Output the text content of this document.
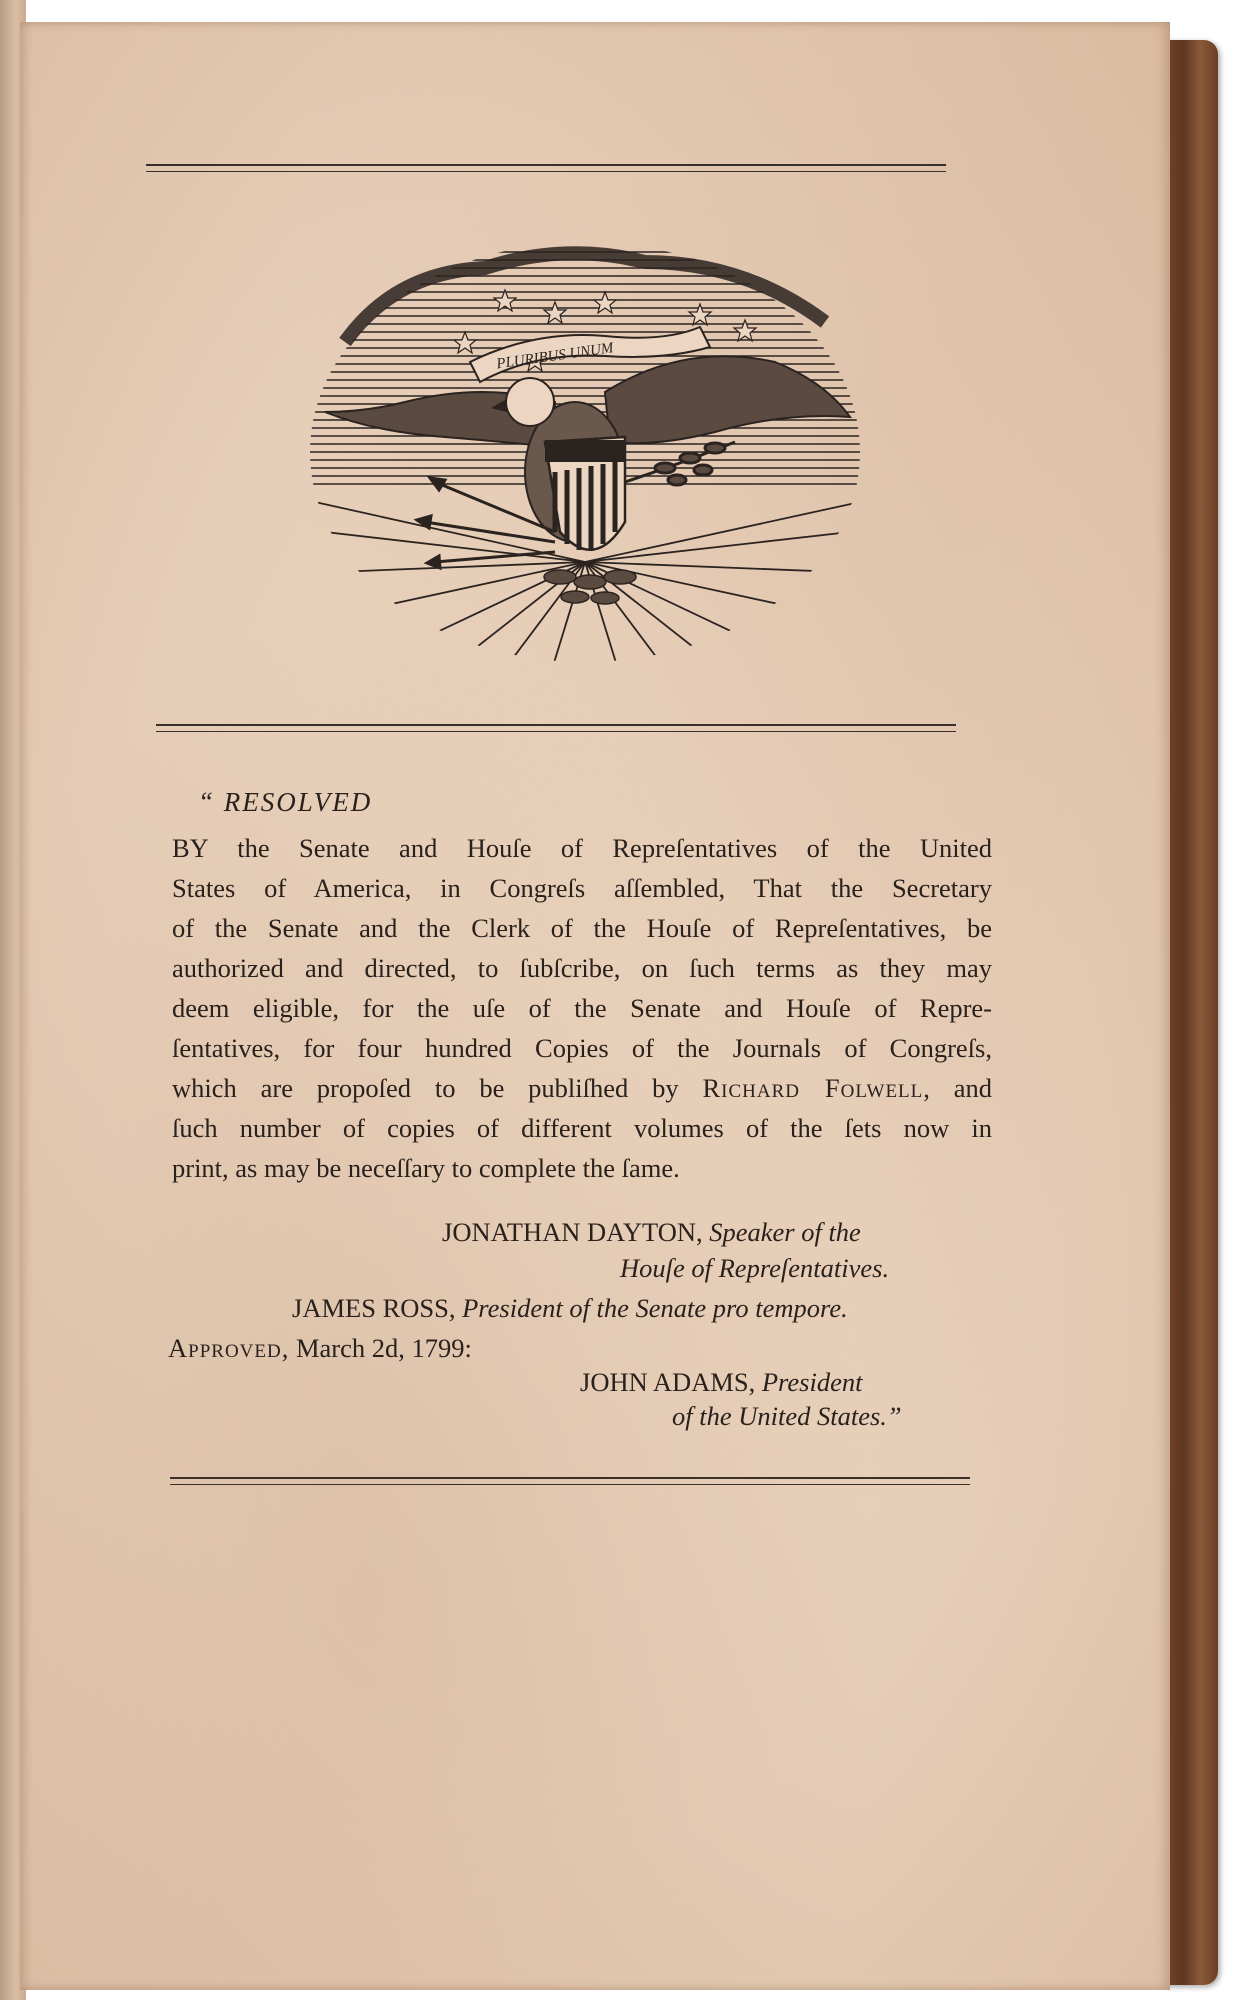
PLURIBUS UNUM
“ RESOLVED
BY the Senate and Houſe of Repreſentatives of the United
States of America, in Congreſs aſſembled, That the Secretary
of the Senate and the Clerk of the Houſe of Repreſentatives, be
authorized and directed, to ſubſcribe, on ſuch terms as they may
deem eligible, for the uſe of the Senate and Houſe of Repre-
ſentatives, for four hundred Copies of the Journals of Congreſs,
which are propoſed to be publiſhed by Richard Folwell, and
ſuch number of copies of different volumes of the ſets now in
print, as may be neceſſary to complete the ſame.
JONATHAN DAYTON, Speaker of the
Houſe of Repreſentatives.
JAMES ROSS, President of the Senate pro tempore.
Approved, March 2d, 1799:
JOHN ADAMS, President
of the United States.”
